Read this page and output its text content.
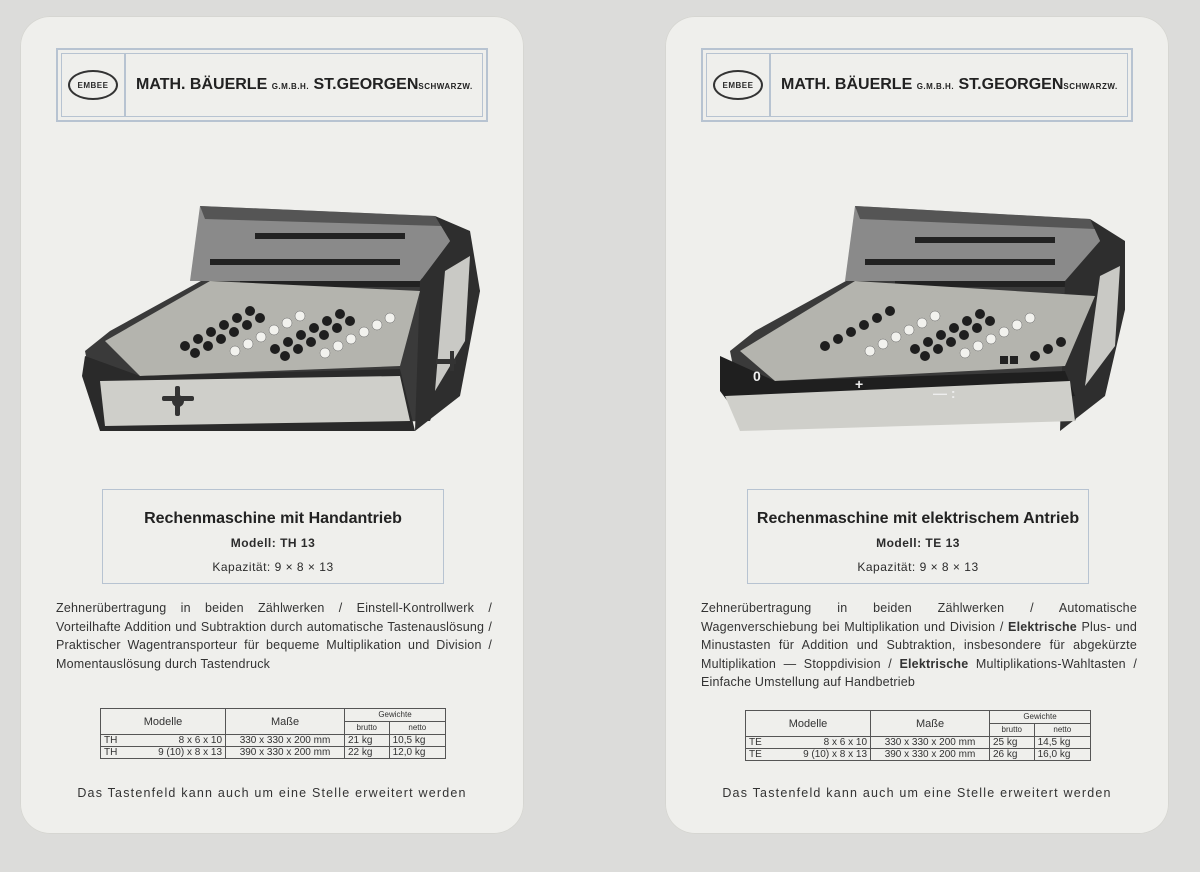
EMBEE	MATH. BÄUERLE G.M.B.H. ST.GEORGENSCHWARZW.
Rechenmaschine mit Handantrieb
Modell: TH 13
Kapazität: 9 × 8 × 13
Zehnerübertragung in beiden Zählwerken / Einstell-Kontrollwerk / Vorteilhafte Addition und Subtraktion durch automatische Tastenauslösung / Praktischer Wagentransporteur für bequeme Multiplikation und Division / Momentauslösung durch Tastendruck
Modelle	Maße	Gewichte	
		brutto	netto
TH 8 x 6 x 10	330 x 330 x 200 mm	21 kg	10,5 kg
TH 9 (10) x 8 x 13	390 x 330 x 200 mm	22 kg	12,0 kg
Das Tastenfeld kann auch um eine Stelle erweitert werden
EMBEE	MATH. BÄUERLE G.M.B.H. ST.GEORGENSCHWARZW.
0	+
— :
Rechenmaschine mit elektrischem Antrieb
Modell: TE 13
Kapazität: 9 × 8 × 13
Zehnerübertragung in beiden Zählwerken / Automatische Wagenverschiebung bei Multiplikation und Division / Elektrische Plus- und Minustasten für Addition und Subtraktion, insbesondere für abgekürzte Multiplikation — Stoppdivision / Elektrische Multiplikations-Wahltasten / Einfache Umstellung auf Handbetrieb
Modelle	Maße	Gewichte	
		brutto	netto
TE 8 x 6 x 10	330 x 330 x 200 mm	25 kg	14,5 kg
TE 9 (10) x 8 x 13	390 x 330 x 200 mm	26 kg	16,0 kg
Das Tastenfeld kann auch um eine Stelle erweitert werden
